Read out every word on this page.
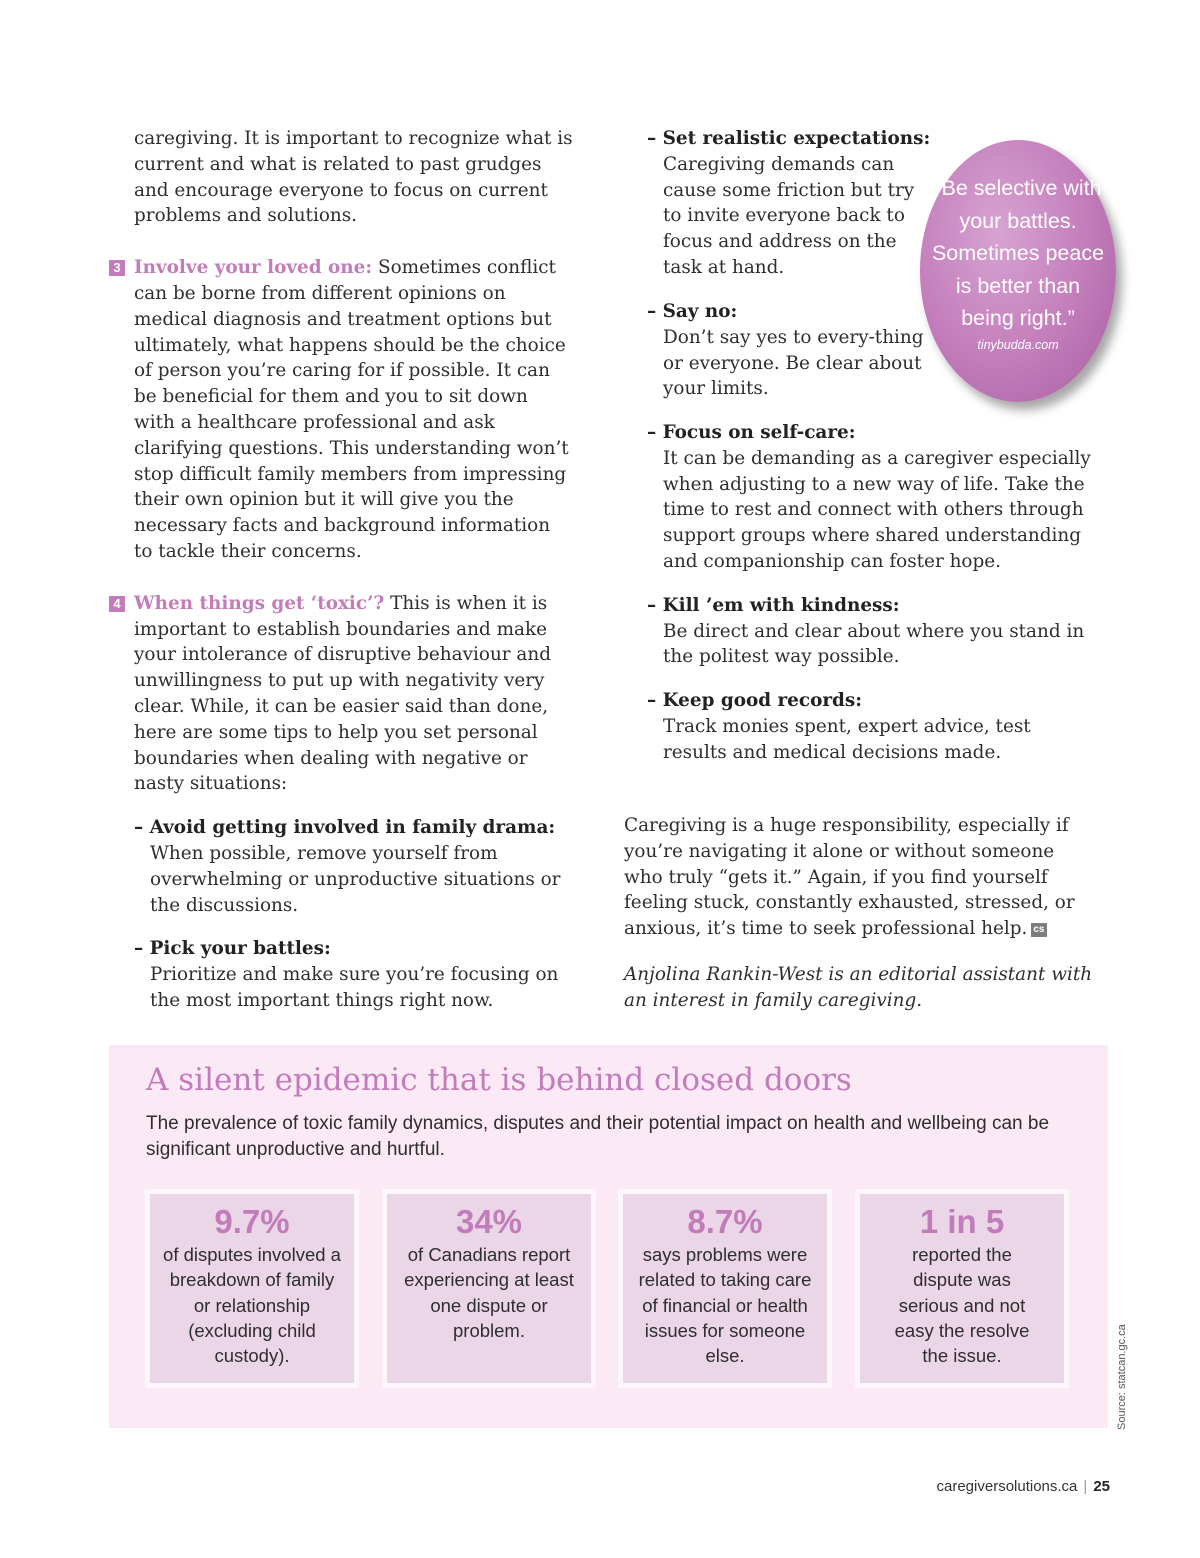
caregiving. It is important to recognize what is current and what is related to past grudges and encourage everyone to focus on current problems and solutions.

3 Involve your loved one: Sometimes conflict can be borne from different opinions on medical diagnosis and treatment options but ultimately, what happens should be the choice of person you’re caring for if possible. It can be beneficial for them and you to sit down with a healthcare professional and ask clarifying questions. This understanding won’t stop difficult family members from impressing their own opinion but it will give you the necessary facts and background information to tackle their concerns.

4 When things get ‘toxic’? This is when it is important to establish boundaries and make your intolerance of disruptive behaviour and unwillingness to put up with negativity very clear. While, it can be easier said than done, here are some tips to help you set personal boundaries when dealing with negative or nasty situations:

– Avoid getting involved in family drama:
When possible, remove yourself from overwhelming or unproductive situations or the discussions.
– Pick your battles:
Prioritize and make sure you’re focusing on the most important things right now.
– Set realistic expectations:
Caregiving demands can cause some friction but try to invite everyone back to focus and address on the task at hand.
– Say no:
Don’t say yes to every-thing or everyone. Be clear about your limits.
– Focus on self-care:
It can be demanding as a caregiver especially when adjusting to a new way of life. Take the time to rest and connect with others through support groups where shared understanding and companionship can foster hope.
– Kill ’em with kindness:
Be direct and clear about where you stand in the politest way possible.
– Keep good records:
Track monies spent, expert advice, test results and medical decisions made.

Caregiving is a huge responsibility, especially if you’re navigating it alone or without someone who truly “gets it.” Again, if you find yourself feeling stuck, constantly exhausted, stressed, or anxious, it’s time to seek professional help. cs

Anjolina Rankin-West is an editorial assistant with an interest in family caregiving.

“Be selective with your battles. Sometimes peace is better than being right.”
tinybudda.com
A silent epidemic that is behind closed doors
The prevalence of toxic family dynamics, disputes and their potential impact on health and wellbeing can be significant unproductive and hurtful.
9.7%
of disputes involved a breakdown of family or relationship (excluding child custody).
34%
of Canadians report experiencing at least one dispute or problem.
8.7%
says problems were related to taking care of financial or health issues for someone else.
1 in 5
reported the dispute was serious and not easy the resolve the issue.	Source: statcan.gc.ca
caregiversolutions.ca | 25
